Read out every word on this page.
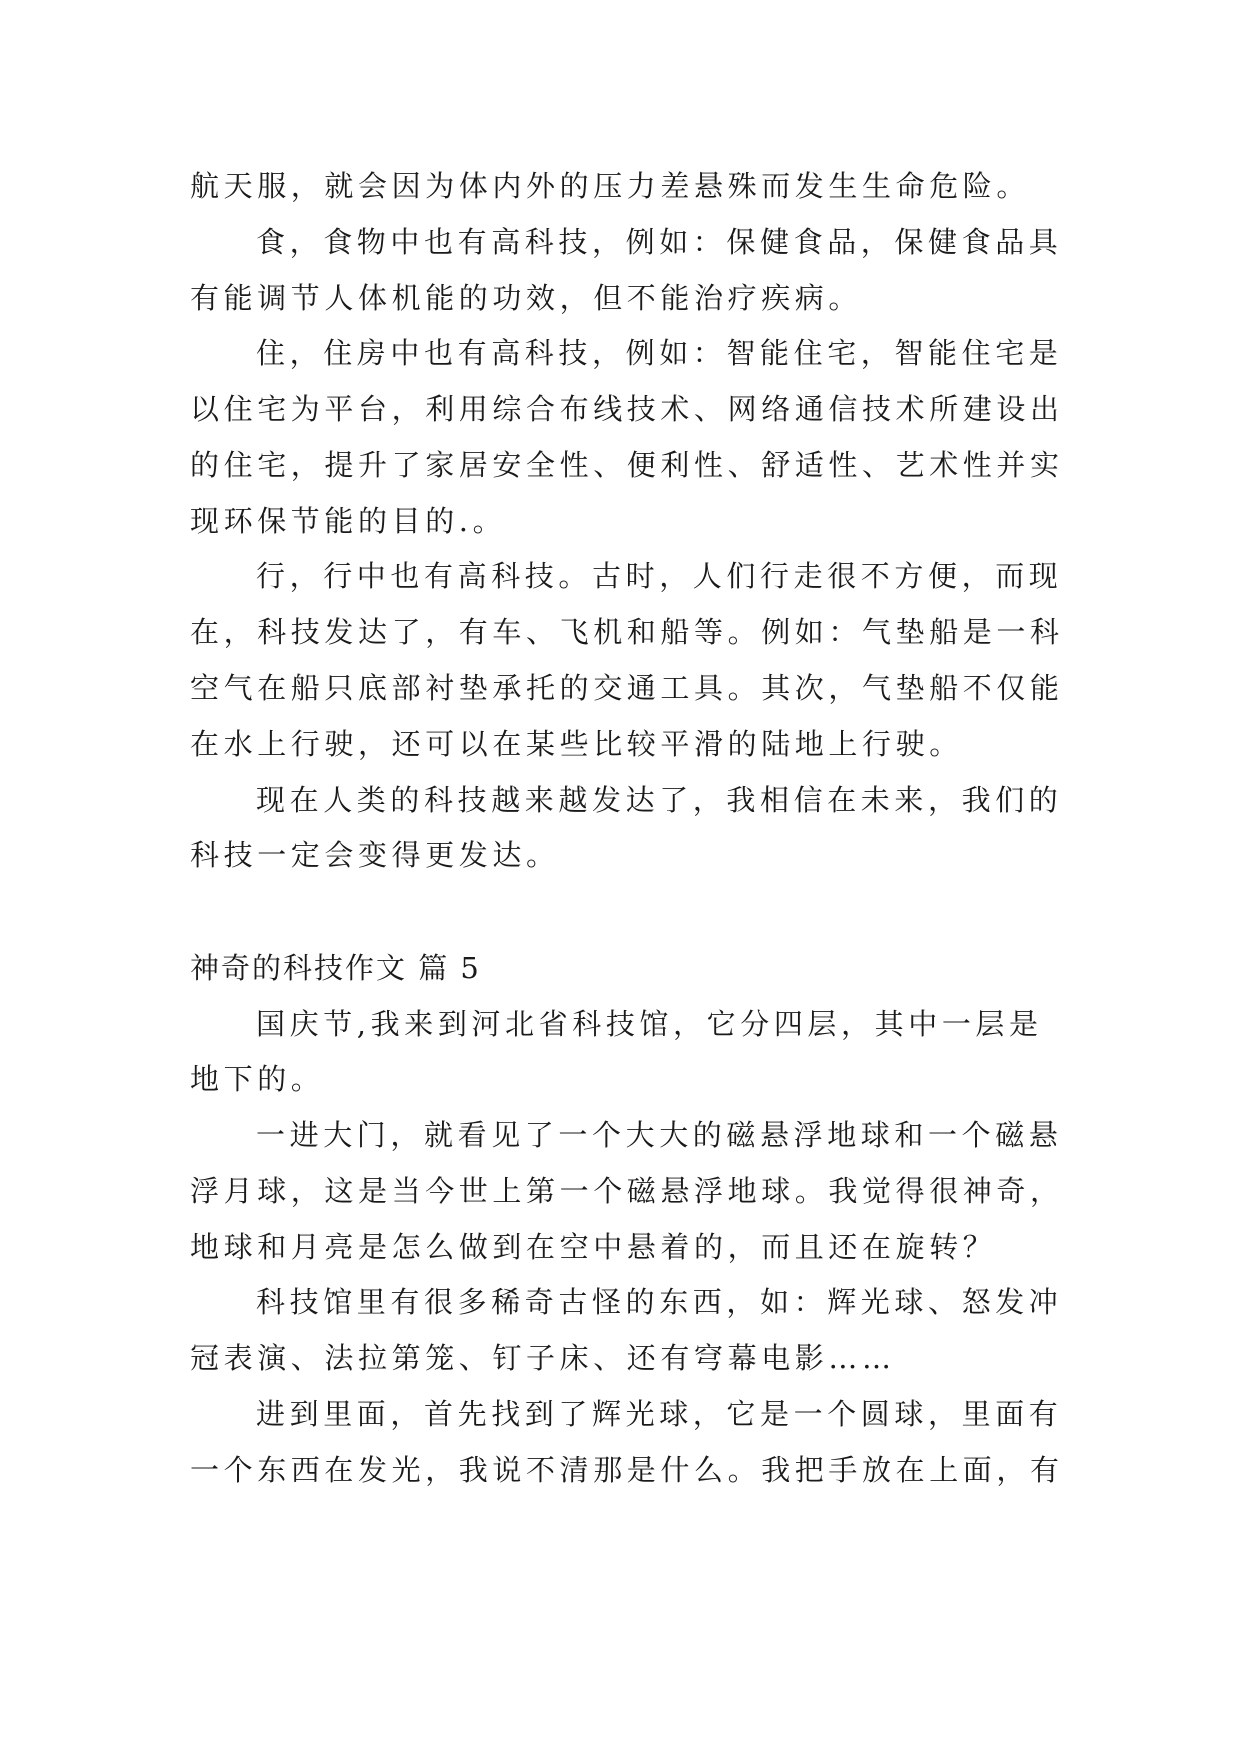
航天服，就会因为体内外的压力差悬殊而发生生命危险。
食，食物中也有高科技，例如：保健食品，保健食品具
有能调节人体机能的功效，但不能治疗疾病。
住，住房中也有高科技，例如：智能住宅，智能住宅是
以住宅为平台，利用综合布线技术、网络通信技术所建设出
的住宅，提升了家居安全性、便利性、舒适性、艺术性并实
现环保节能的目的.。
行，行中也有高科技。古时，人们行走很不方便，而现
在，科技发达了，有车、飞机和船等。例如：气垫船是一科
空气在船只底部衬垫承托的交通工具。其次，气垫船不仅能
在水上行驶，还可以在某些比较平滑的陆地上行驶。
现在人类的科技越来越发达了，我相信在未来，我们的
科技一定会变得更发达。
神奇的科技作文 篇 5
国庆节,我来到河北省科技馆，它分四层，其中一层是
地下的。
一进大门，就看见了一个大大的磁悬浮地球和一个磁悬
浮月球，这是当今世上第一个磁悬浮地球。我觉得很神奇，
地球和月亮是怎么做到在空中悬着的，而且还在旋转？
科技馆里有很多稀奇古怪的东西，如：辉光球、怒发冲
冠表演、法拉第笼、钉子床、还有穹幕电影……
进到里面，首先找到了辉光球，它是一个圆球，里面有
一个东西在发光，我说不清那是什么。我把手放在上面，有
